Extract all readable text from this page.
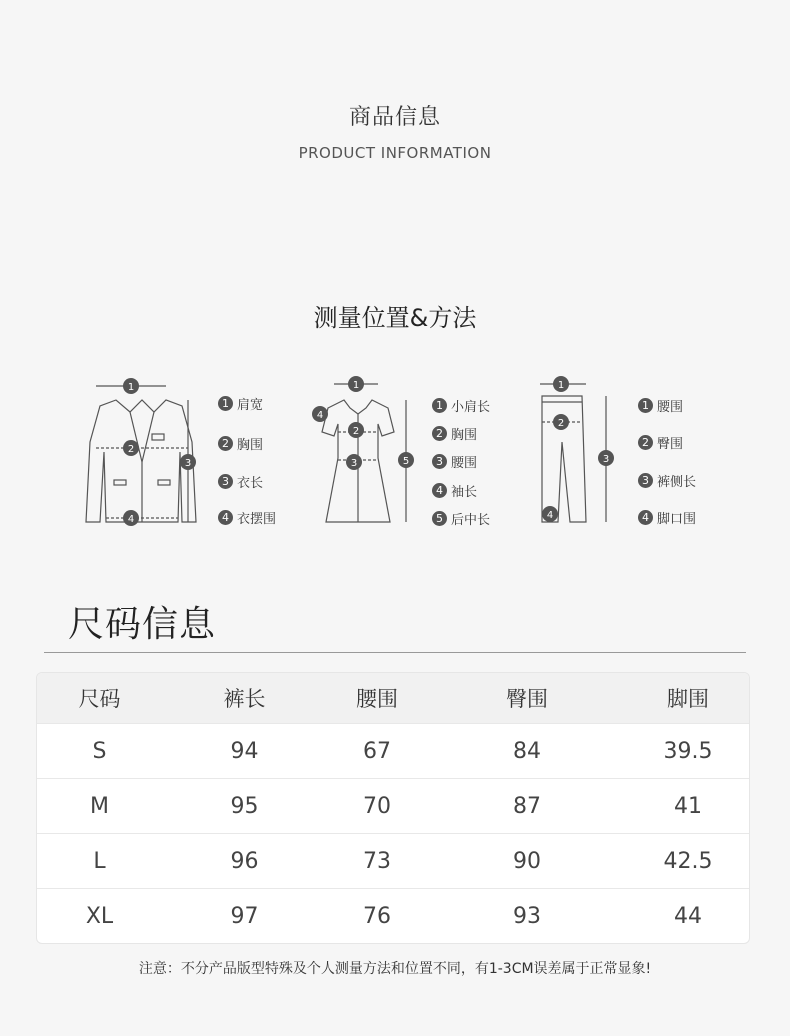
商品信息
PRODUCT INFORMATION
测量位置&方法
1
2
3
4
1 肩宽
2 胸围
3 衣长
4 衣摆围
1
2
3
4
5
1 小肩长
2 胸围
3 腰围
4 袖长
5 后中长
1
2
3
4
1 腰围
2 臀围
3 裤侧长
4 脚口围
尺码信息
尺码	裤长	腰围	臀围	脚围
S	94	67	84	39.5
M	95	70	87	41
L	96	73	90	42.5
XL	97	76	93	44
注意：不分产品版型特殊及个人测量方法和位置不同，有1-3CM误差属于正常显象!
